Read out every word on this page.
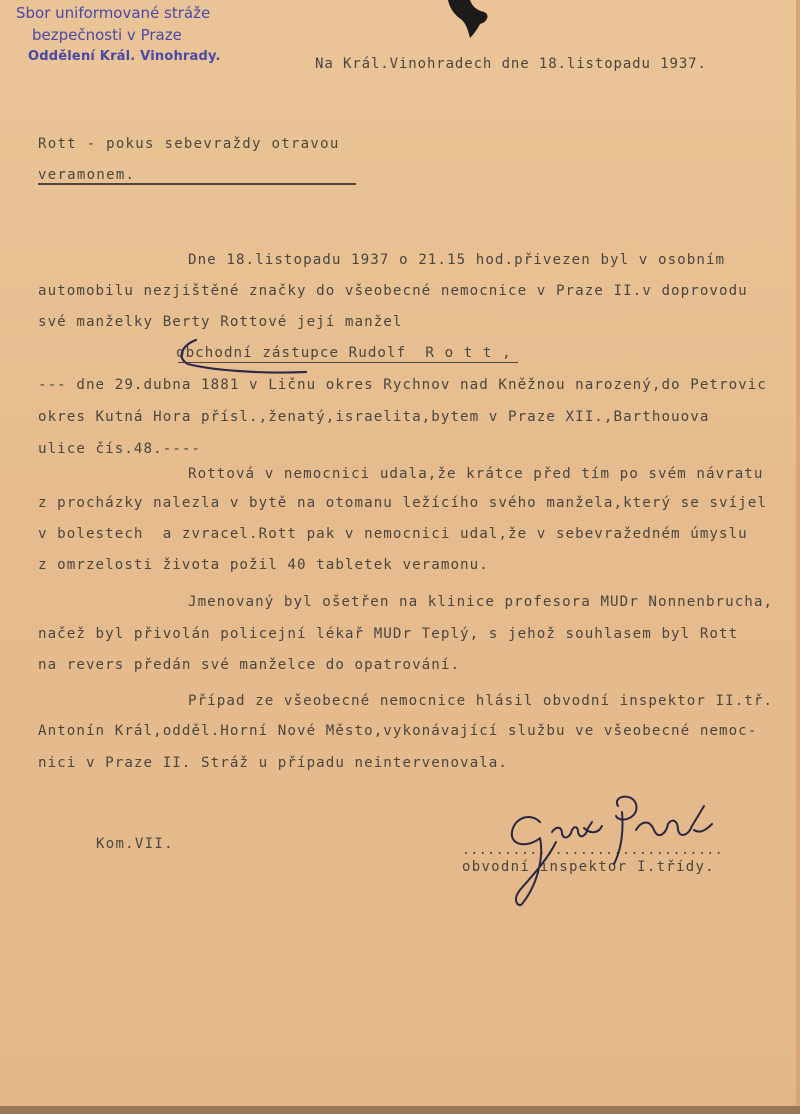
Sbor uniformované stráže
bezpečnosti v Praze
Oddělení Král. Vinohrady.	Na Král.Vinohradech dne 18.listopadu 1937.
Rott - pokus sebevraždy otravou
veramonem.
Dne 18.listopadu 1937 o 21.15 hod.přivezen byl v osobním
automobilu nezjištěné značky do všeobecné nemocnice v Praze II.v doprovodu
své manželky Berty Rottové její manžel
obchodní zástupce Rudolf  R o t t ,
--- dne 29.dubna 1881 v Ličnu okres Rychnov nad Kněžnou narozený,do Petrovic
okres Kutná Hora přísl.,ženatý,israelita,bytem v Praze XII.,Barthouova
ulice čís.48.----
Rottová v nemocnici udala,že krátce před tím po svém návratu
z procházky nalezla v bytě na otomanu ležícího svého manžela,který se svíjel
v bolestech  a zvracel.Rott pak v nemocnici udal,že v sebevražedném úmyslu
z omrzelosti života požil 40 tabletek veramonu.
Jmenovaný byl ošetřen na klinice profesora MUDr Nonnenbrucha,
načež byl přivolán policejní lékař MUDr Teplý, s jehož souhlasem byl Rott
na revers předán své manželce do opatrování.
Případ ze všeobecné nemocnice hlásil obvodní inspektor II.tř.
Antonín Král,odděl.Horní Nové Město,vykonávající službu ve všeobecné nemoc-
nici v Praze II. Stráž u případu neintervenovala.
Kom.VII.	...............................
obvodní inspektor I.třídy.
